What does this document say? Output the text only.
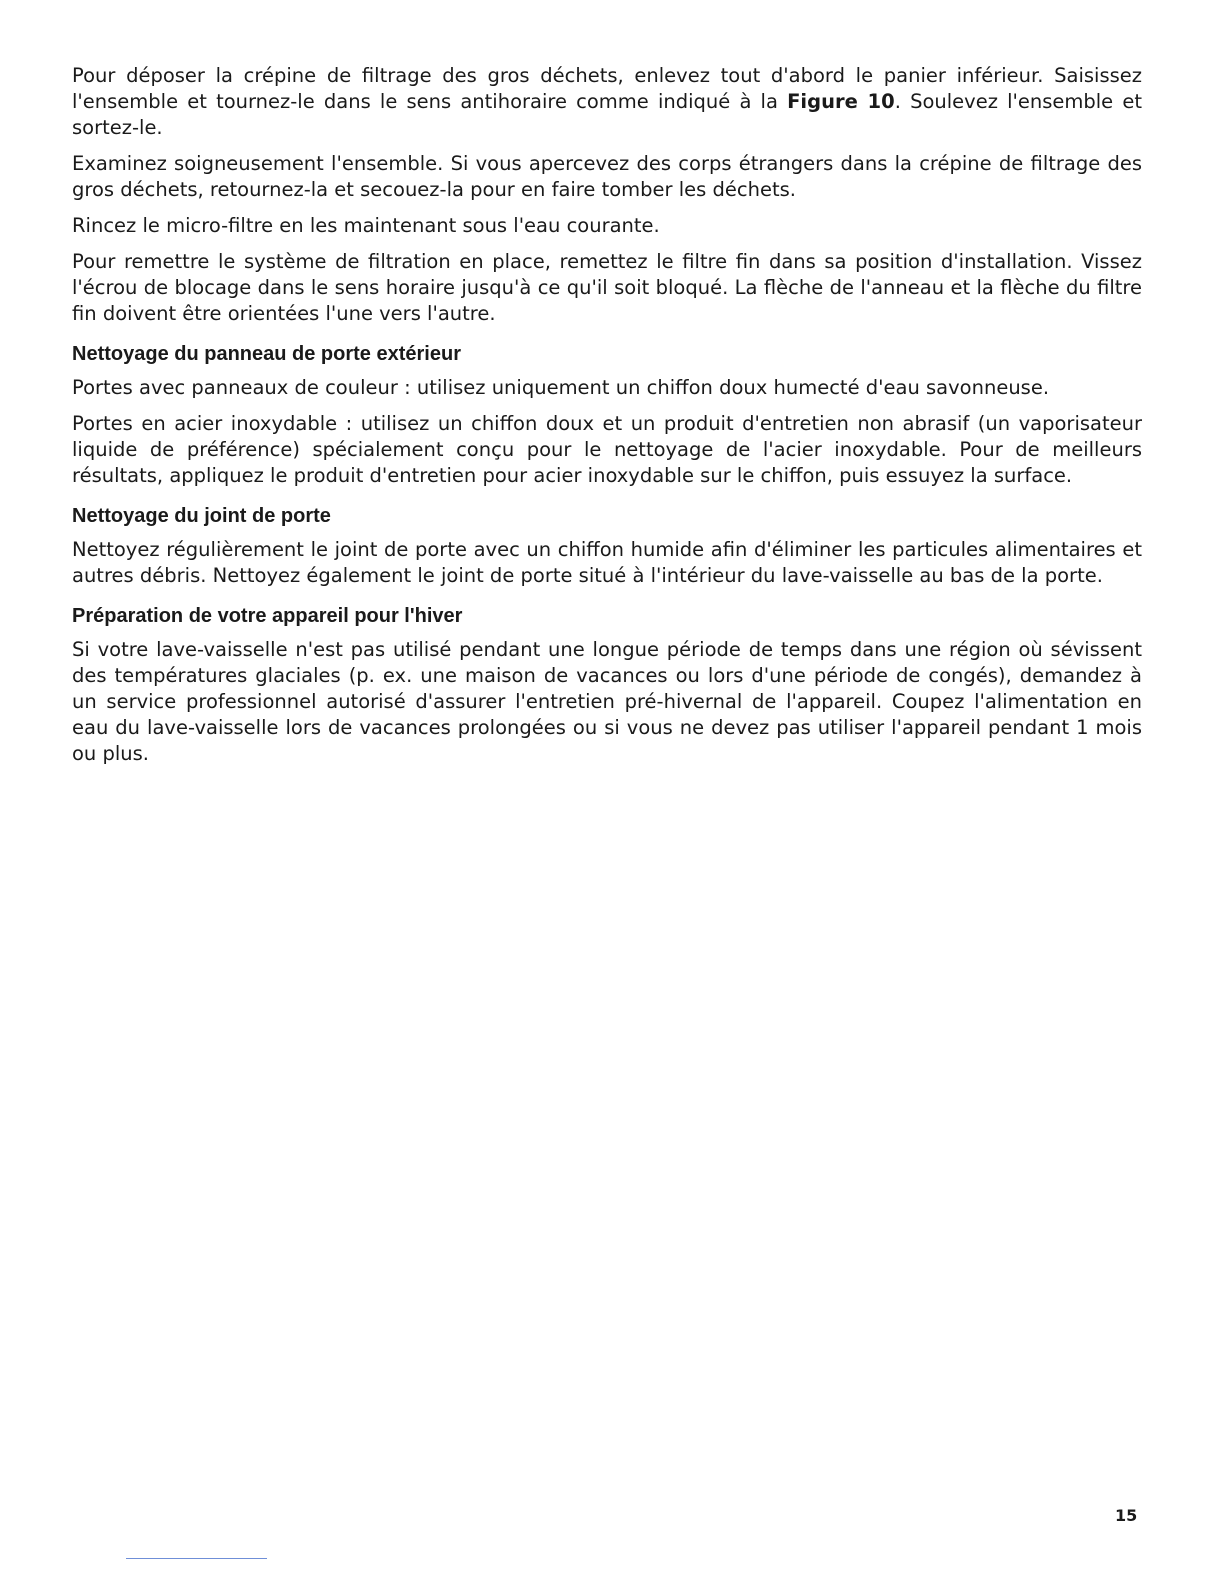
Pour déposer la crépine de filtrage des gros déchets, enlevez tout d'abord le panier inférieur. Saisissez l'ensemble et tournez-le dans le sens antihoraire comme indiqué à la Figure 10. Soulevez l'ensemble et sortez-le.

Examinez soigneusement l'ensemble. Si vous apercevez des corps étrangers dans la crépine de filtrage des gros déchets, retournez-la et secouez-la pour en faire tomber les déchets.

Rincez le micro-filtre en les maintenant sous l'eau courante.

Pour remettre le système de filtration en place, remettez le filtre fin dans sa position d'installation. Vissez l'écrou de blocage dans le sens horaire jusqu'à ce qu'il soit bloqué. La flèche de l'anneau et la flèche du filtre fin doivent être orientées l'une vers l'autre.

Nettoyage du panneau de porte extérieur

Portes avec panneaux de couleur : utilisez uniquement un chiffon doux humecté d'eau savonneuse.

Portes en acier inoxydable : utilisez un chiffon doux et un produit d'entretien non abrasif (un vaporisateur liquide de préférence) spécialement conçu pour le nettoyage de l'acier inoxydable. Pour de meilleurs résultats, appliquez le produit d'entretien pour acier inoxydable sur le chiffon, puis essuyez la surface.

Nettoyage du joint de porte

Nettoyez régulièrement le joint de porte avec un chiffon humide afin d'éliminer les particules alimentaires et autres débris. Nettoyez également le joint de porte situé à l'intérieur du lave-vaisselle au bas de la porte.

Préparation de votre appareil pour l'hiver

Si votre lave-vaisselle n'est pas utilisé pendant une longue période de temps dans une région où sévissent des températures glaciales (p. ex. une maison de vacances ou lors d'une période de congés), demandez à un service professionnel autorisé d'assurer l'entretien pré-hivernal de l'appareil. Coupez l'alimentation en eau du lave-vaisselle lors de vacances prolongées ou si vous ne devez pas utiliser l'appareil pendant 1 mois ou plus.

15
